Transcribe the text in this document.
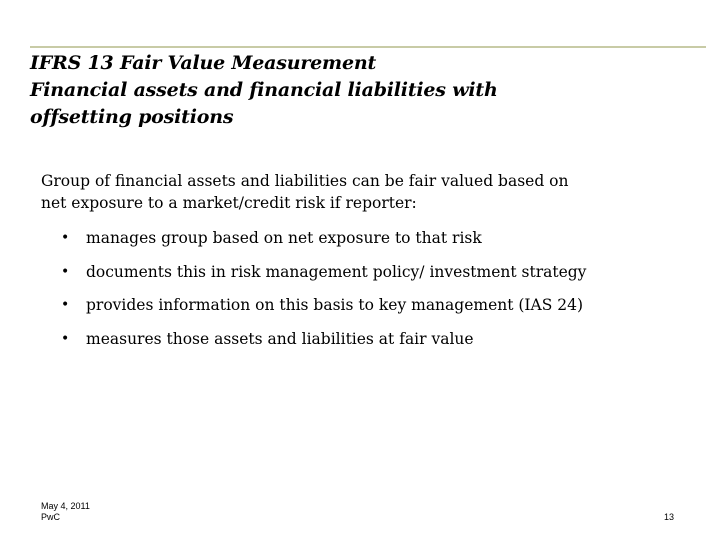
IFRS 13 Fair Value Measurement
Financial assets and financial liabilities with
offsetting positions

Group of financial assets and liabilities can be fair valued based on
net exposure to a market/credit risk if reporter:

•	manages group based on net exposure to that risk
•	documents this in risk management policy/ investment strategy
•	provides information on this basis to key management (IAS 24)
•	measures those assets and liabilities at fair value
May 4, 2011
PwC	13
